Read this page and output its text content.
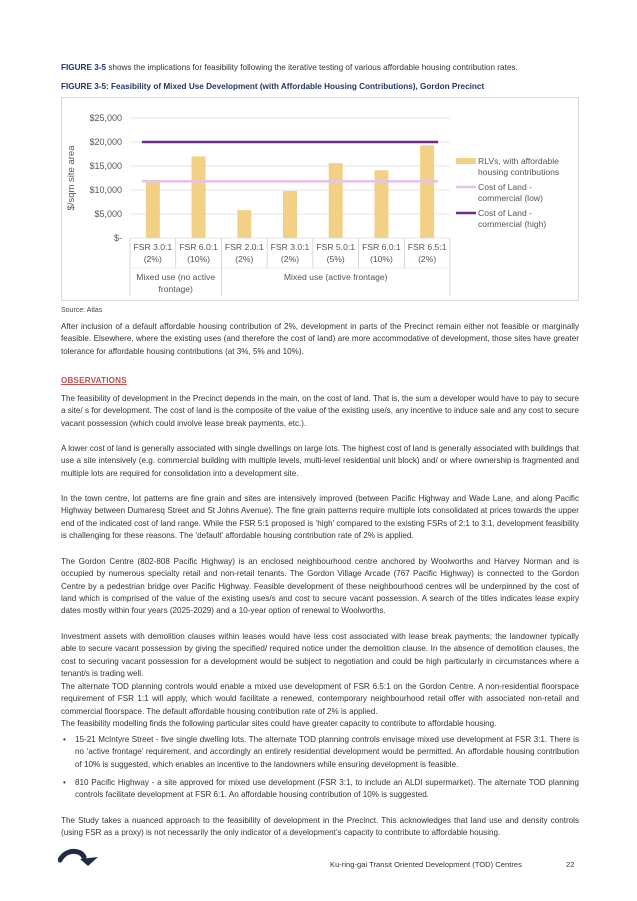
FIGURE 3-5 shows the implications for feasibility following the iterative testing of various affordable housing contribution rates.

FIGURE 3-5: Feasibility of Mixed Use Development (with Affordable Housing Contributions), Gordon Precinct

$-
$5,000
$10,000
$15,000
$20,000
$25,000
$/sqm site area
FSR 3.0:1
(2%)
FSR 6.0:1
(10%)
FSR 2.0:1
(2%)
FSR 3.0:1
(2%)
FSR 5.0:1
(5%)
FSR 6.0:1
(10%)
FSR 6.5:1
(2%)
Mixed use (no active
frontage)
Mixed use (active frontage)
RLVs, with affordable
housing contributions
Cost of Land -
commercial (low)
Cost of Land -
commercial (high)

Source: Atlas

After inclusion of a default affordable housing contribution of 2%, development in parts of the Precinct remain either not feasible or marginally feasible. Elsewhere, where the existing uses (and therefore the cost of land) are more accommodative of development, those sites have greater tolerance for affordable housing contributions (at 3%, 5% and 10%).

OBSERVATIONS

The feasibility of development in the Precinct depends in the main, on the cost of land. That is, the sum a developer would have to pay to secure a site/ s for development. The cost of land is the composite of the value of the existing use/s, any incentive to induce sale and any cost to secure vacant possession (which could involve lease break payments, etc.).

A lower cost of land is generally associated with single dwellings on large lots. The highest cost of land is generally associated with buildings that use a site intensively (e.g. commercial building with multiple levels, multi-level residential unit block) and/ or where ownership is fragmented and multiple lots are required for consolidation into a development site.

In the town centre, lot patterns are fine grain and sites are intensively improved (between Pacific Highway and Wade Lane, and along Pacific Highway between Dumaresq Street and St Johns Avenue). The fine grain patterns require multiple lots consolidated at prices towards the upper end of the indicated cost of land range. While the FSR 5:1 proposed is ‘high’ compared to the existing FSRs of 2:1 to 3:1, development feasibility is challenging for these reasons. The ‘default’ affordable housing contribution rate of 2% is applied.

The Gordon Centre (802-808 Pacific Highway) is an enclosed neighbourhood centre anchored by Woolworths and Harvey Norman and is occupied by numerous specialty retail and non-retail tenants. The Gordon Village Arcade (767 Pacific Highway) is connected to the Gordon Centre by a pedestrian bridge over Pacific Highway. Feasible development of these neighbourhood centres will be underpinned by the cost of land which is comprised of the value of the existing uses/s and cost to secure vacant possession. A search of the titles indicates lease expiry dates mostly within four years (2025-2029) and a 10-year option of renewal to Woolworths.

Investment assets with demolition clauses within leases would have less cost associated with lease break payments; the landowner typically able to secure vacant possession by giving the specified/ required notice under the demolition clause. In the absence of demolition clauses, the cost to securing vacant possession for a development would be subject to negotiation and could be high particularly in circumstances where a tenant/s is trading well.

The alternate TOD planning controls would enable a mixed use development of FSR 6.5:1 on the Gordon Centre. A non-residential floorspace requirement of FSR 1:1 will apply, which would facilitate a renewed, contemporary neighbourhood retail offer with associated non-retail and commercial floorspace. The default affordable housing contribution rate of 2% is applied.

The feasibility modelling finds the following particular sites could have greater capacity to contribute to affordable housing.

• 15-21 McIntyre Street - five single dwelling lots. The alternate TOD planning controls envisage mixed use development at FSR 3:1. There is no ‘active frontage’ requirement, and accordingly an entirely residential development would be permitted. An affordable housing contribution of 10% is suggested, which enables an incentive to the landowners while ensuring development is feasible.
• 810 Pacific Highway - a site approved for mixed use development (FSR 3:1, to include an ALDI supermarket). The alternate TOD planning controls facilitate development at FSR 6:1. An affordable housing contribution of 10% is suggested.

The Study takes a nuanced approach to the feasibility of development in the Precinct. This acknowledges that land use and density controls (using FSR as a proxy) is not necessarily the only indicator of a development’s capacity to contribute to affordable housing.

Ku-ring-gai Transit Oriented Development (TOD) Centres	22
